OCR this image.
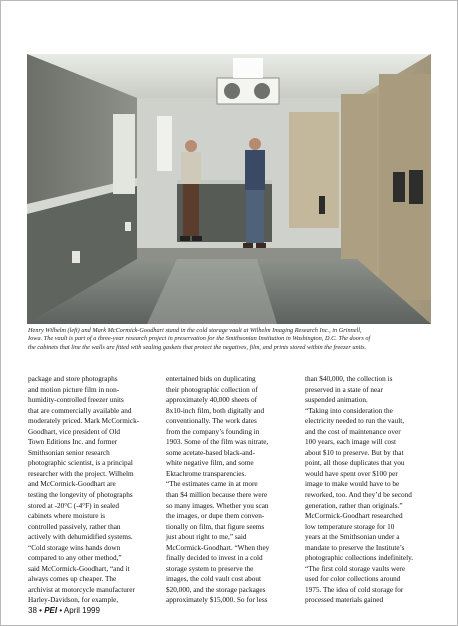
Henry Wilhelm (left) and Mark McCormick-Goodhart stand in the cold storage vault at Wilhelm Imaging Research Inc., in Grinnell,
Iowa. The vault is part of a three-year research project in preservation for the Smithsonian Institution in Washington, D.C. The doors of
the cabinets that line the walls are fitted with sealing gaskets that protect the negatives, film, and prints stored within the freezer units.

package and store photographs
and motion picture film in non-
humidity-controlled freezer units
that are commercially available and
moderately priced. Mark McCormick-
Goodhart, vice president of Old
Town Editions Inc. and former
Smithsonian senior research
photographic scientist, is a principal
researcher with the project. Wilhelm
and McCormick-Goodhart are
testing the longevity of photographs
stored at -20°C (-4°F) in sealed
cabinets where moisture is
controlled passively, rather than
actively with dehumidified systems.

“Cold storage wins hands down
compared to any other method,”
said McCormick-Goodhart, “and it
always comes up cheaper. The
archivist at motorcycle manufacturer
Harley-Davidson, for example,

entertained bids on duplicating
their photographic collection of
approximately 40,000 sheets of
8x10-inch film, both digitally and
conventionally. The work dates
from the company’s founding in
1903. Some of the film was nitrate,
some acetate-based black-and-
white negative film, and some
Ektachrome transparencies.

“The estimates came in at more
than $4 million because there were
so many images. Whether you scan
the images, or dupe them conven-
tionally on film, that figure seems
just about right to me,” said
McCormick-Goodhart. “When they
finally decided to invest in a cold
storage system to preserve the
images, the cold vault cost about
$20,000, and the storage packages
approximately $15,000. So for less

than $40,000, the collection is
preserved in a state of near
suspended animation.

“Taking into consideration the
electricity needed to run the vault,
and the cost of maintenance over
100 years, each image will cost
about $10 to preserve. But by that
point, all those duplicates that you
would have spent over $100 per
image to make would have to be
reworked, too. And they’d be second
generation, rather than originals.”

McCormick-Goodhart researched
low temperature storage for 10
years at the Smithsonian under a
mandate to preserve the Institute’s
photographic collections indefinitely.
“The first cold storage vaults were
used for color collections around
1975. The idea of cold storage for
processed materials gained

38 • PEI • April 1999
